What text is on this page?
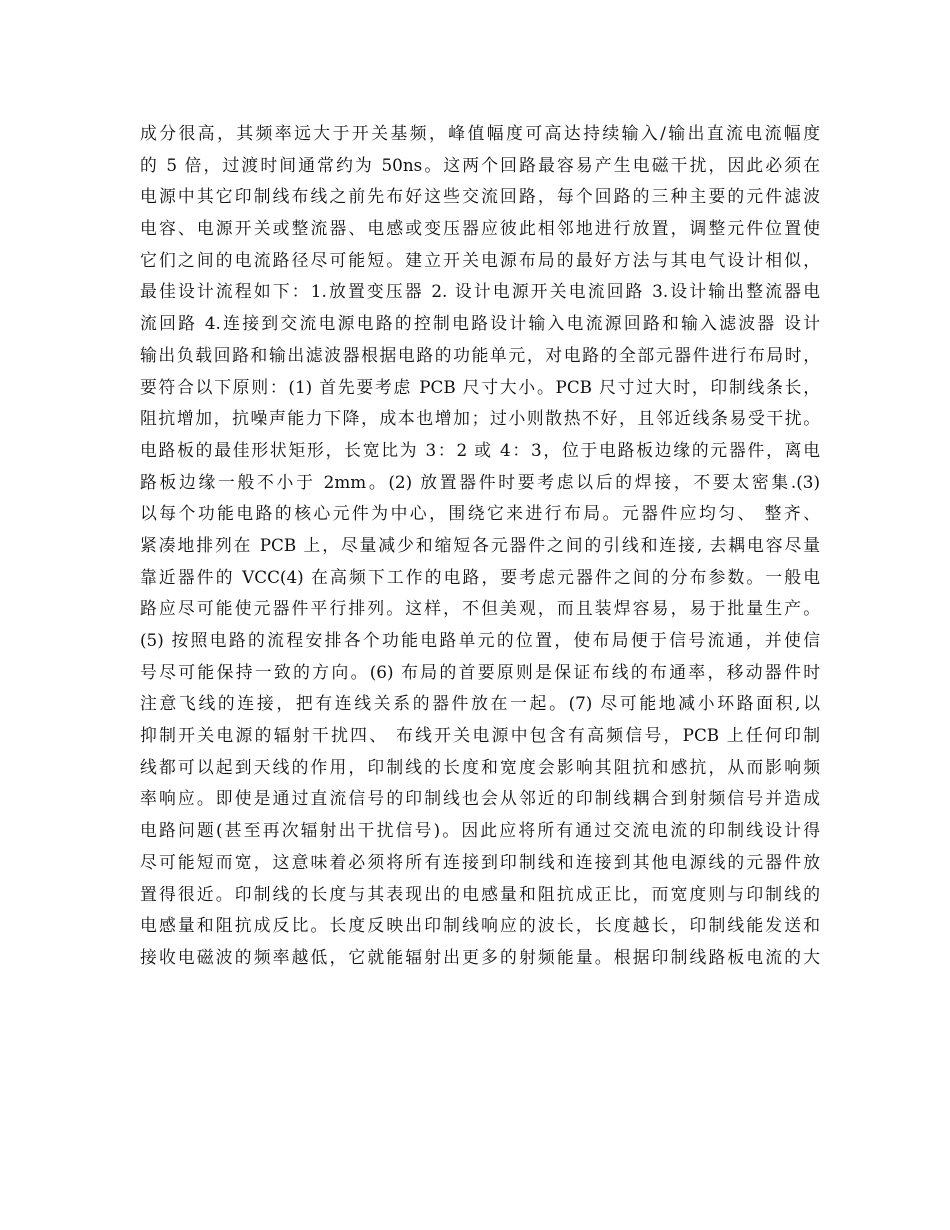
成分很高，其频率远大于开关基频，峰值幅度可高达持续输入/输出直流电流幅度
的 5 倍，过渡时间通常约为 50ns。这两个回路最容易产生电磁干扰，因此必须在
电源中其它印制线布线之前先布好这些交流回路，每个回路的三种主要的元件滤波
电容、电源开关或整流器、电感或变压器应彼此相邻地进行放置，调整元件位置使
它们之间的电流路径尽可能短。建立开关电源布局的最好方法与其电气设计相似，
最佳设计流程如下：1.放置变压器 2. 设计电源开关电流回路 3.设计输出整流器电
流回路 4.连接到交流电源电路的控制电路设计输入电流源回路和输入滤波器 设计
输出负载回路和输出滤波器根据电路的功能单元，对电路的全部元器件进行布局时，
要符合以下原则：(1) 首先要考虑 PCB 尺寸大小。PCB 尺寸过大时，印制线条长，
阻抗增加，抗噪声能力下降，成本也增加；过小则散热不好，且邻近线条易受干扰。
电路板的最佳形状矩形，长宽比为 3：2 或 4：3，位于电路板边缘的元器件，离电
路板边缘一般不小于 2mm。(2) 放置器件时要考虑以后的焊接，不要太密集.(3)
以每个功能电路的核心元件为中心，围绕它来进行布局。元器件应均匀、 整齐、
紧凑地排列在 PCB 上，尽量减少和缩短各元器件之间的引线和连接, 去耦电容尽量
靠近器件的 VCC(4) 在高频下工作的电路，要考虑元器件之间的分布参数。一般电
路应尽可能使元器件平行排列。这样，不但美观，而且装焊容易，易于批量生产。
(5) 按照电路的流程安排各个功能电路单元的位置，使布局便于信号流通，并使信
号尽可能保持一致的方向。(6) 布局的首要原则是保证布线的布通率，移动器件时
注意飞线的连接，把有连线关系的器件放在一起。(7) 尽可能地减小环路面积,以
抑制开关电源的辐射干扰四、 布线开关电源中包含有高频信号，PCB 上任何印制
线都可以起到天线的作用，印制线的长度和宽度会影响其阻抗和感抗，从而影响频
率响应。即使是通过直流信号的印制线也会从邻近的印制线耦合到射频信号并造成
电路问题(甚至再次辐射出干扰信号)。因此应将所有通过交流电流的印制线设计得
尽可能短而宽，这意味着必须将所有连接到印制线和连接到其他电源线的元器件放
置得很近。印制线的长度与其表现出的电感量和阻抗成正比，而宽度则与印制线的
电感量和阻抗成反比。长度反映出印制线响应的波长，长度越长，印制线能发送和
接收电磁波的频率越低，它就能辐射出更多的射频能量。根据印制线路板电流的大
